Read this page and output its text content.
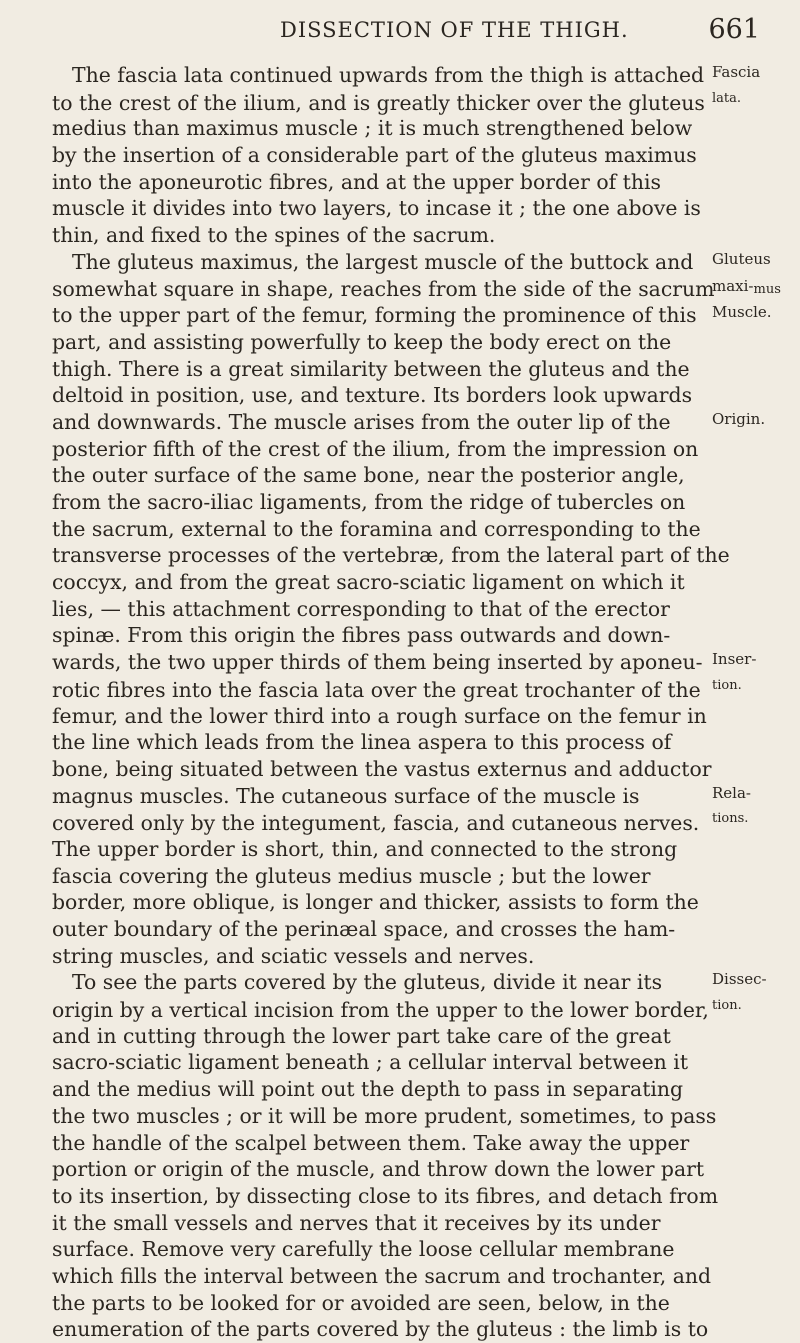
DISSECTION OF THE THIGH.	661
The fascia lata continued upwards from the thigh is attached $^{Fascia}$
to the crest of the ilium, and is greatly thicker over the gluteus $^{lata.}$
medius than maximus muscle ; it is much strengthened below
by the insertion of a considerable part of the gluteus maximus
into the aponeurotic fibres, and at the upper border of this
muscle it divides into two layers, to incase it ; the one above is
thin, and fixed to the spines of the sacrum.
The gluteus maximus, the largest muscle of the buttock and $^{Gluteus}$
somewhat square in shape, reaches from the side of the sacrum$^{maxi-}$mus
to the upper part of the femur, forming the prominence of this $^{Muscle.}$
part, and assisting powerfully to keep the body erect on the
thigh. There is a great similarity between the gluteus and the
deltoid in position, use, and texture. Its borders look upwards
and downwards. The muscle arises from the outer lip of the	$^{Origin.}$
posterior fifth of the crest of the ilium, from the impression on
the outer surface of the same bone, near the posterior angle,
from the sacro-iliac ligaments, from the ridge of tubercles on
the sacrum, external to the foramina and corresponding to the
transverse processes of the vertebræ, from the lateral part of the
coccyx, and from the great sacro-sciatic ligament on which it
lies, — this attachment corresponding to that of the erector
spinæ. From this origin the fibres pass outwards and down-
wards, the two upper thirds of them being inserted by aponeu- $^{Inser-}$
rotic fibres into the fascia lata over the great trochanter of the $^{tion.}$
femur, and the lower third into a rough surface on the femur in
the line which leads from the linea aspera to this process of
bone, being situated between the vastus externus and adductor
magnus muscles. The cutaneous surface of the muscle is	$^{Rela-}$
covered only by the integument, fascia, and cutaneous nerves. $^{tions.}$
The upper border is short, thin, and connected to the strong
fascia covering the gluteus medius muscle ; but the lower
border, more oblique, is longer and thicker, assists to form the
outer boundary of the perinæal space, and crosses the ham-
string muscles, and sciatic vessels and nerves.
To see the parts covered by the gluteus, divide it near its	$^{Dissec-}$
origin by a vertical incision from the upper to the lower border, $^{tion.}$
and in cutting through the lower part take care of the great
sacro-sciatic ligament beneath ; a cellular interval between it
and the medius will point out the depth to pass in separating
the two muscles ; or it will be more prudent, sometimes, to pass
the handle of the scalpel between them. Take away the upper
portion or origin of the muscle, and throw down the lower part
to its insertion, by dissecting close to its fibres, and detach from
it the small vessels and nerves that it receives by its under
surface. Remove very carefully the loose cellular membrane
which fills the interval between the sacrum and trochanter, and
the parts to be looked for or avoided are seen, below, in the
enumeration of the parts covered by the gluteus : the limb is to
